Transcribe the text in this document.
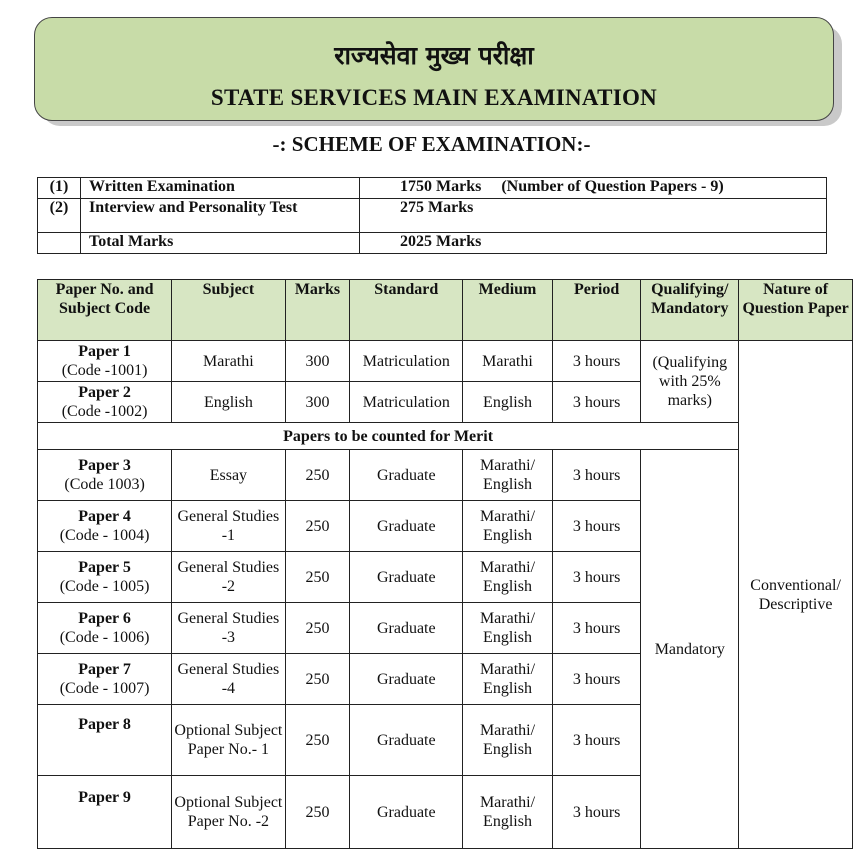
राज्यसेवा मुख्य परीक्षा
STATE SERVICES MAIN EXAMINATION
-: SCHEME OF EXAMINATION:-
(1)	Written Examination	1750 Marks     (Number of Question Papers - 9)
(2)	Interview and Personality Test	275 Marks
	Total Marks	2025 Marks
Paper No. and Subject Code	Subject	Marks	Standard	Medium	Period	Qualifying/ Mandatory	Nature of Question Paper
Paper 1
(Code -1001)	Marathi	300	Matriculation	Marathi	3 hours	(Qualifying with 25% marks)	Conventional/ Descriptive
Paper 2
(Code -1002)	English	300	Matriculation	English	3 hours		
Papers to be counted for Merit							
Paper 3
(Code 1003)	Essay	250	Graduate	Marathi/ English	3 hours	Mandatory	
Paper 4
(Code - 1004)	General Studies -1	250	Graduate	Marathi/ English	3 hours		
Paper 5
(Code - 1005)	General Studies -2	250	Graduate	Marathi/ English	3 hours		
Paper 6
(Code - 1006)	General Studies -3	250	Graduate	Marathi/ English	3 hours		
Paper 7
(Code - 1007)	General Studies -4	250	Graduate	Marathi/ English	3 hours		
Paper 8	Optional Subject Paper No.- 1	250	Graduate	Marathi/ English	3 hours		
Paper 9	Optional Subject Paper No. -2	250	Graduate	Marathi/ English	3 hours		
